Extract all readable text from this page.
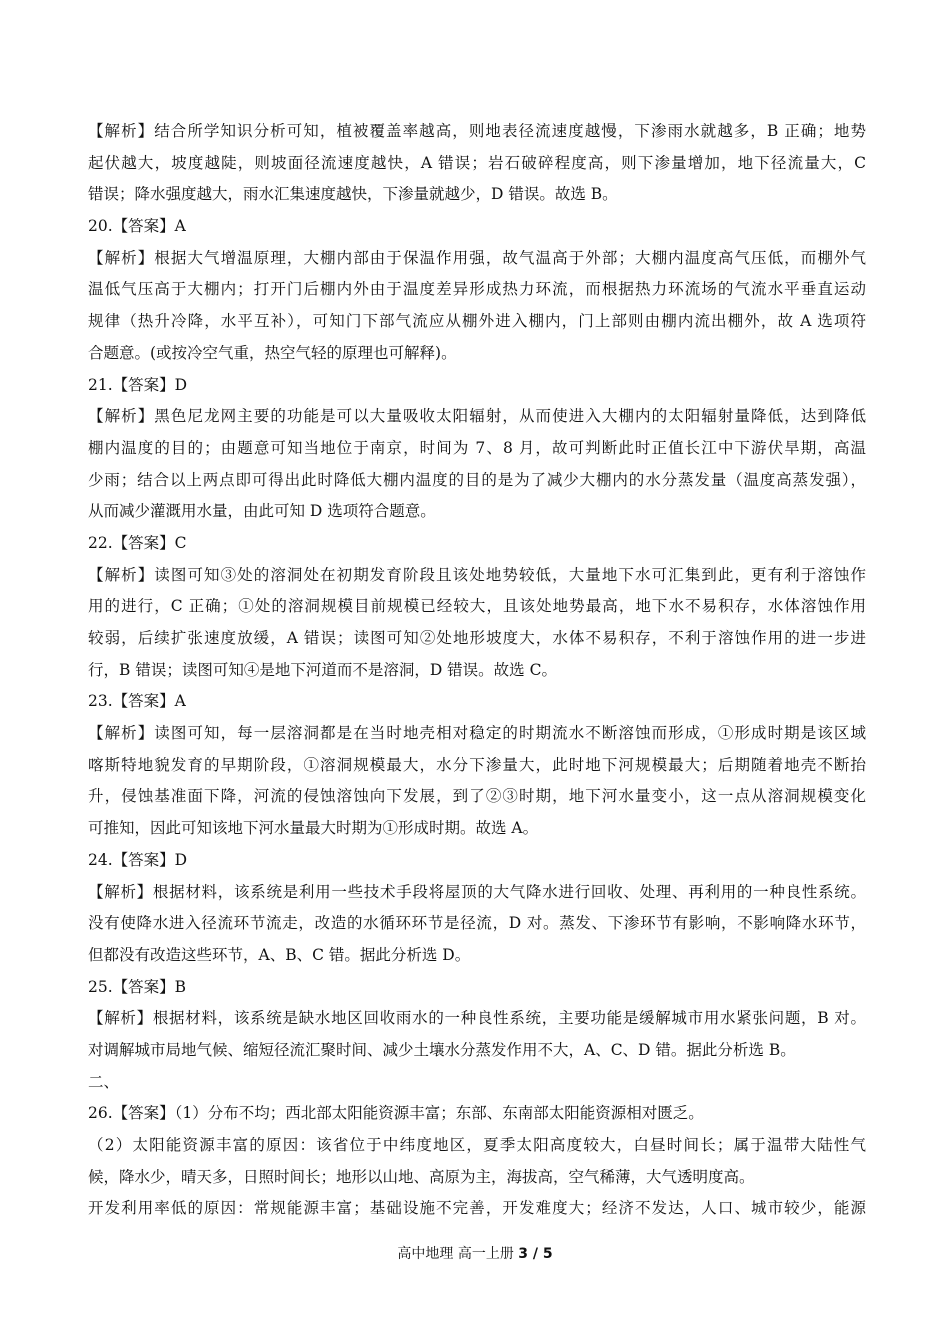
【解析】结合所学知识分析可知，植被覆盖率越高，则地表径流速度越慢，下渗雨水就越多，B 正确；地势
起伏越大，坡度越陡，则坡面径流速度越快，A 错误；岩石破碎程度高，则下渗量增加，地下径流量大，C
错误；降水强度越大，雨水汇集速度越快，下渗量就越少，D 错误。故选 B。
20.【答案】A
【解析】根据大气增温原理，大棚内部由于保温作用强，故气温高于外部；大棚内温度高气压低，而棚外气
温低气压高于大棚内；打开门后棚内外由于温度差异形成热力环流，而根据热力环流场的气流水平垂直运动
规律（热升冷降，水平互补），可知门下部气流应从棚外进入棚内，门上部则由棚内流出棚外，故 A 选项符
合题意。(或按冷空气重，热空气轻的原理也可解释)。
21.【答案】D
【解析】黑色尼龙网主要的功能是可以大量吸收太阳辐射，从而使进入大棚内的太阳辐射量降低，达到降低
棚内温度的目的；由题意可知当地位于南京，时间为 7、8 月，故可判断此时正值长江中下游伏旱期，高温
少雨；结合以上两点即可得出此时降低大棚内温度的目的是为了减少大棚内的水分蒸发量（温度高蒸发强），
从而减少灌溉用水量，由此可知 D 选项符合题意。
22.【答案】C
【解析】读图可知③处的溶洞处在初期发育阶段且该处地势较低，大量地下水可汇集到此，更有利于溶蚀作
用的进行，C 正确；①处的溶洞规模目前规模已经较大，且该处地势最高，地下水不易积存，水体溶蚀作用
较弱，后续扩张速度放缓，A 错误；读图可知②处地形坡度大，水体不易积存，不利于溶蚀作用的进一步进
行，B 错误；读图可知④是地下河道而不是溶洞，D 错误。故选 C。
23.【答案】A
【解析】读图可知，每一层溶洞都是在当时地壳相对稳定的时期流水不断溶蚀而形成，①形成时期是该区域
喀斯特地貌发育的早期阶段，①溶洞规模最大，水分下渗量大，此时地下河规模最大；后期随着地壳不断抬
升，侵蚀基准面下降，河流的侵蚀溶蚀向下发展，到了②③时期，地下河水量变小，这一点从溶洞规模变化
可推知，因此可知该地下河水量最大时期为①形成时期。故选 A。
24.【答案】D
【解析】根据材料，该系统是利用一些技术手段将屋顶的大气降水进行回收、处理、再利用的一种良性系统。
没有使降水进入径流环节流走，改造的水循环环节是径流，D 对。蒸发、下渗环节有影响，不影响降水环节，
但都没有改造这些环节，A、B、C 错。据此分析选 D。
25.【答案】B
【解析】根据材料，该系统是缺水地区回收雨水的一种良性系统，主要功能是缓解城市用水紧张问题，B 对。
对调解城市局地气候、缩短径流汇聚时间、减少土壤水分蒸发作用不大，A、C、D 错。据此分析选 B。
二、
26.【答案】（1）分布不均；西北部太阳能资源丰富；东部、东南部太阳能资源相对匮乏。
（2）太阳能资源丰富的原因：该省位于中纬度地区，夏季太阳高度较大，白昼时间长；属于温带大陆性气
候，降水少，晴天多，日照时间长；地形以山地、高原为主，海拔高，空气稀薄，大气透明度高。
开发利用率低的原因：常规能源丰富；基础设施不完善，开发难度大；经济不发达，人口、城市较少，能源
高中地理 高一上册 3 / 5
